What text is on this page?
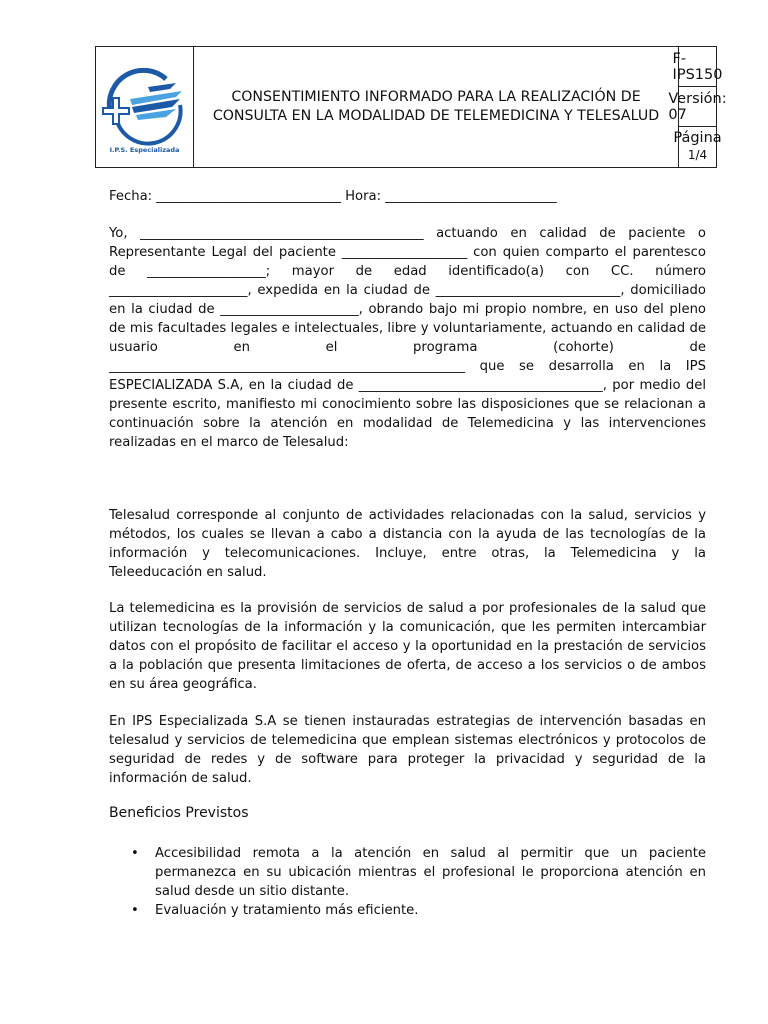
I.P.S. Especializada
CONSENTIMIENTO INFORMADO PARA LA REALIZACIÓN DE CONSULTA EN LA MODALIDAD DE TELEMEDICINA Y TELESALUD
F-IPS150
Versión: 07
Página
1/4
Fecha: ____________________________ Hora: __________________________

Yo, ___________________________________________ actuando en calidad de paciente o Representante Legal del paciente ___________________ con quien comparto el parentesco de __________________; mayor de edad identificado(a) con CC. número _____________________, expedida en la ciudad de ____________________________, domiciliado en la ciudad de _____________________, obrando bajo mi propio nombre, en uso del pleno de mis facultades legales e intelectuales, libre y voluntariamente, actuando en calidad de usuario en el programa (cohorte) de ______________________________________________________ que se desarrolla en la IPS ESPECIALIZADA S.A, en la ciudad de _____________________________________, por medio del presente escrito, manifiesto mi conocimiento sobre las disposiciones que se relacionan a continuación sobre la atención en modalidad de Telemedicina y las intervenciones realizadas en el marco de Telesalud:

Telesalud corresponde al conjunto de actividades relacionadas con la salud, servicios y métodos, los cuales se llevan a cabo a distancia con la ayuda de las tecnologías de la información y telecomunicaciones. Incluye, entre otras, la Telemedicina y la Teleeducación en salud.

La telemedicina es la provisión de servicios de salud a por profesionales de la salud que utilizan tecnologías de la información y la comunicación, que les permiten intercambiar datos con el propósito de facilitar el acceso y la oportunidad en la prestación de servicios a la población que presenta limitaciones de oferta, de acceso a los servicios o de ambos en su área geográfica.

En IPS Especializada S.A se tienen instauradas estrategias de intervención basadas en telesalud y servicios de telemedicina que emplean sistemas electrónicos y protocolos de seguridad de redes y de software para proteger la privacidad y seguridad de la información de salud.

Beneficios Previstos
• Accesibilidad remota a la atención en salud al permitir que un paciente permanezca en su ubicación mientras el profesional le proporciona atención en salud desde un sitio distante.
• Evaluación y tratamiento más eficiente.
